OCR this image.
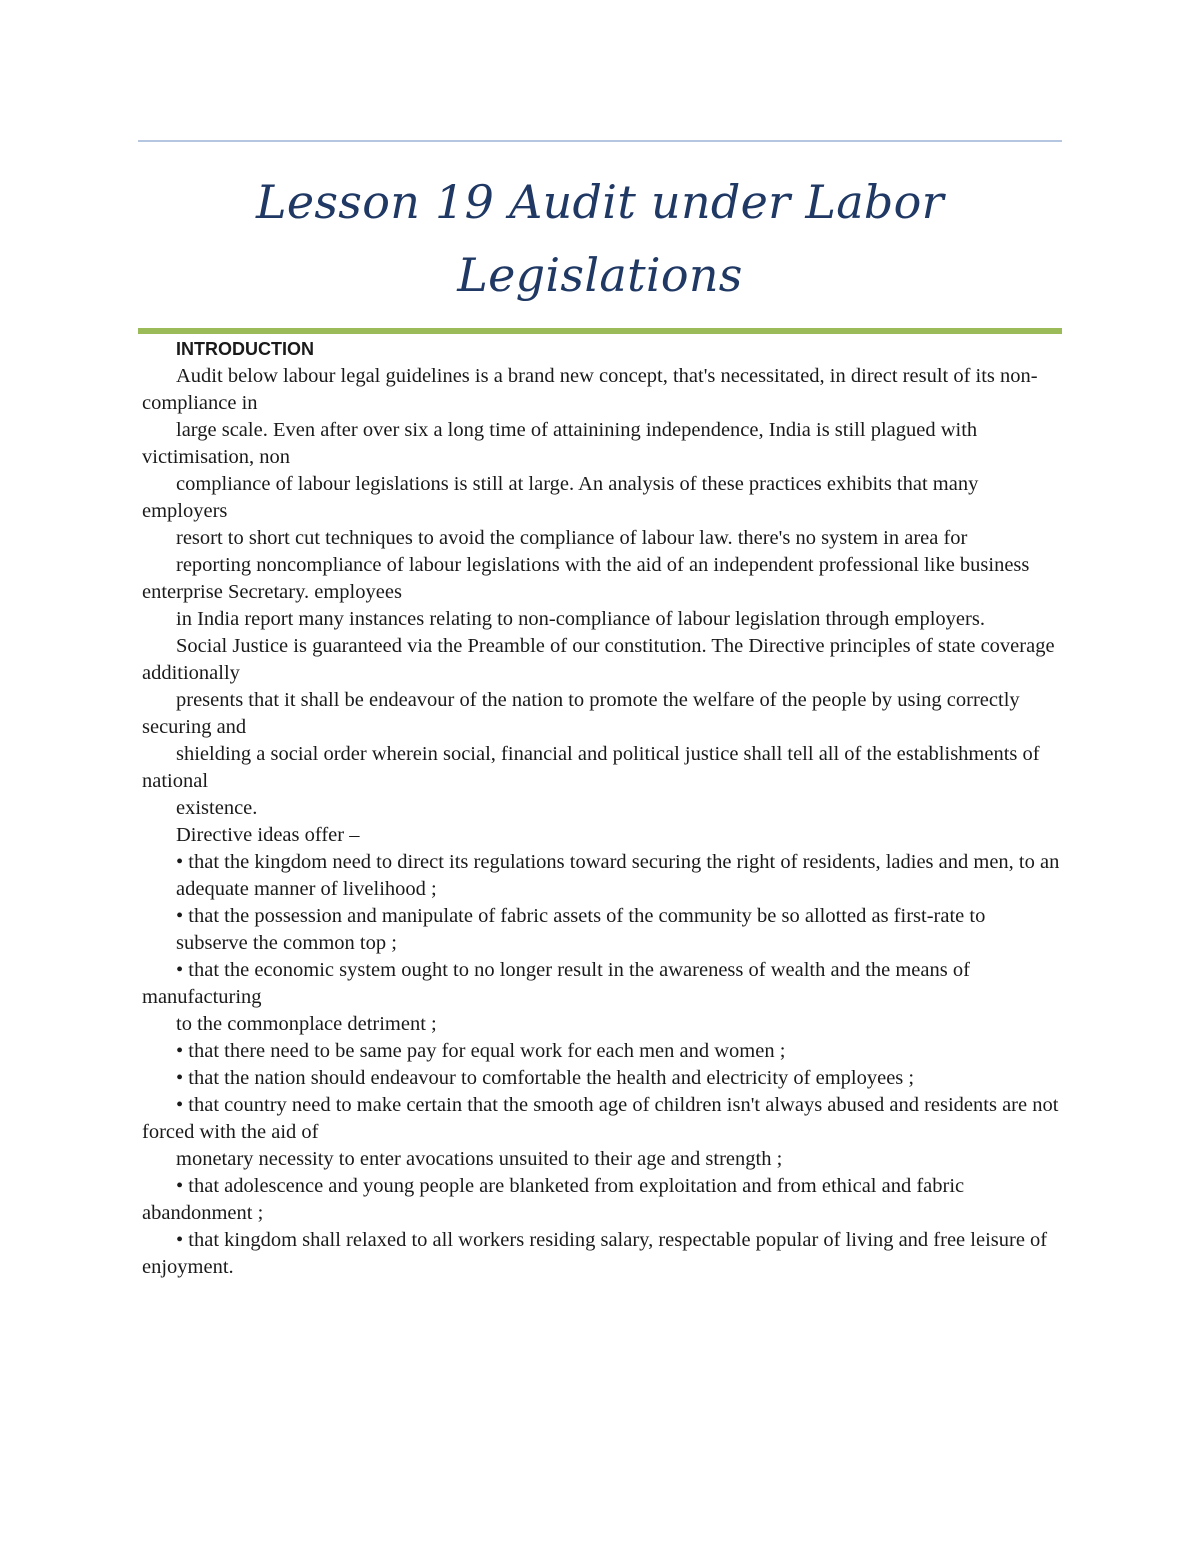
Lesson 19 Audit under Labor
Legislations
INTRODUCTION

Audit below labour legal guidelines is a brand new concept, that's necessitated, in direct result of its non-compliance in

large scale. Even after over six a long time of attainining independence, India is still plagued with victimisation, non

compliance of labour legislations is still at large. An analysis of these practices exhibits that many employers

resort to short cut techniques to avoid the compliance of labour law. there's no system in area for

reporting noncompliance of labour legislations with the aid of an independent professional like business enterprise Secretary. employees

in India report many instances relating to non-compliance of labour legislation through employers.

Social Justice is guaranteed via the Preamble of our constitution. The Directive principles of state coverage additionally

presents that it shall be endeavour of the nation to promote the welfare of the people by using correctly securing and

shielding a social order wherein social, financial and political justice shall tell all of the establishments of national

existence.

Directive ideas offer –

• that the kingdom need to direct its regulations toward securing the right of residents, ladies and men, to an

adequate manner of livelihood ;

• that the possession and manipulate of fabric assets of the community be so allotted as first-rate to

subserve the common top ;

• that the economic system ought to no longer result in the awareness of wealth and the means of manufacturing

to the commonplace detriment ;

• that there need to be same pay for equal work for each men and women ;

• that the nation should endeavour to comfortable the health and electricity of employees ;

• that country need to make certain that the smooth age of children isn't always abused and residents are not forced with the aid of

monetary necessity to enter avocations unsuited to their age and strength ;

• that adolescence and young people are blanketed from exploitation and from ethical and fabric abandonment ;

• that kingdom shall relaxed to all workers residing salary, respectable popular of living and free leisure of enjoyment.
